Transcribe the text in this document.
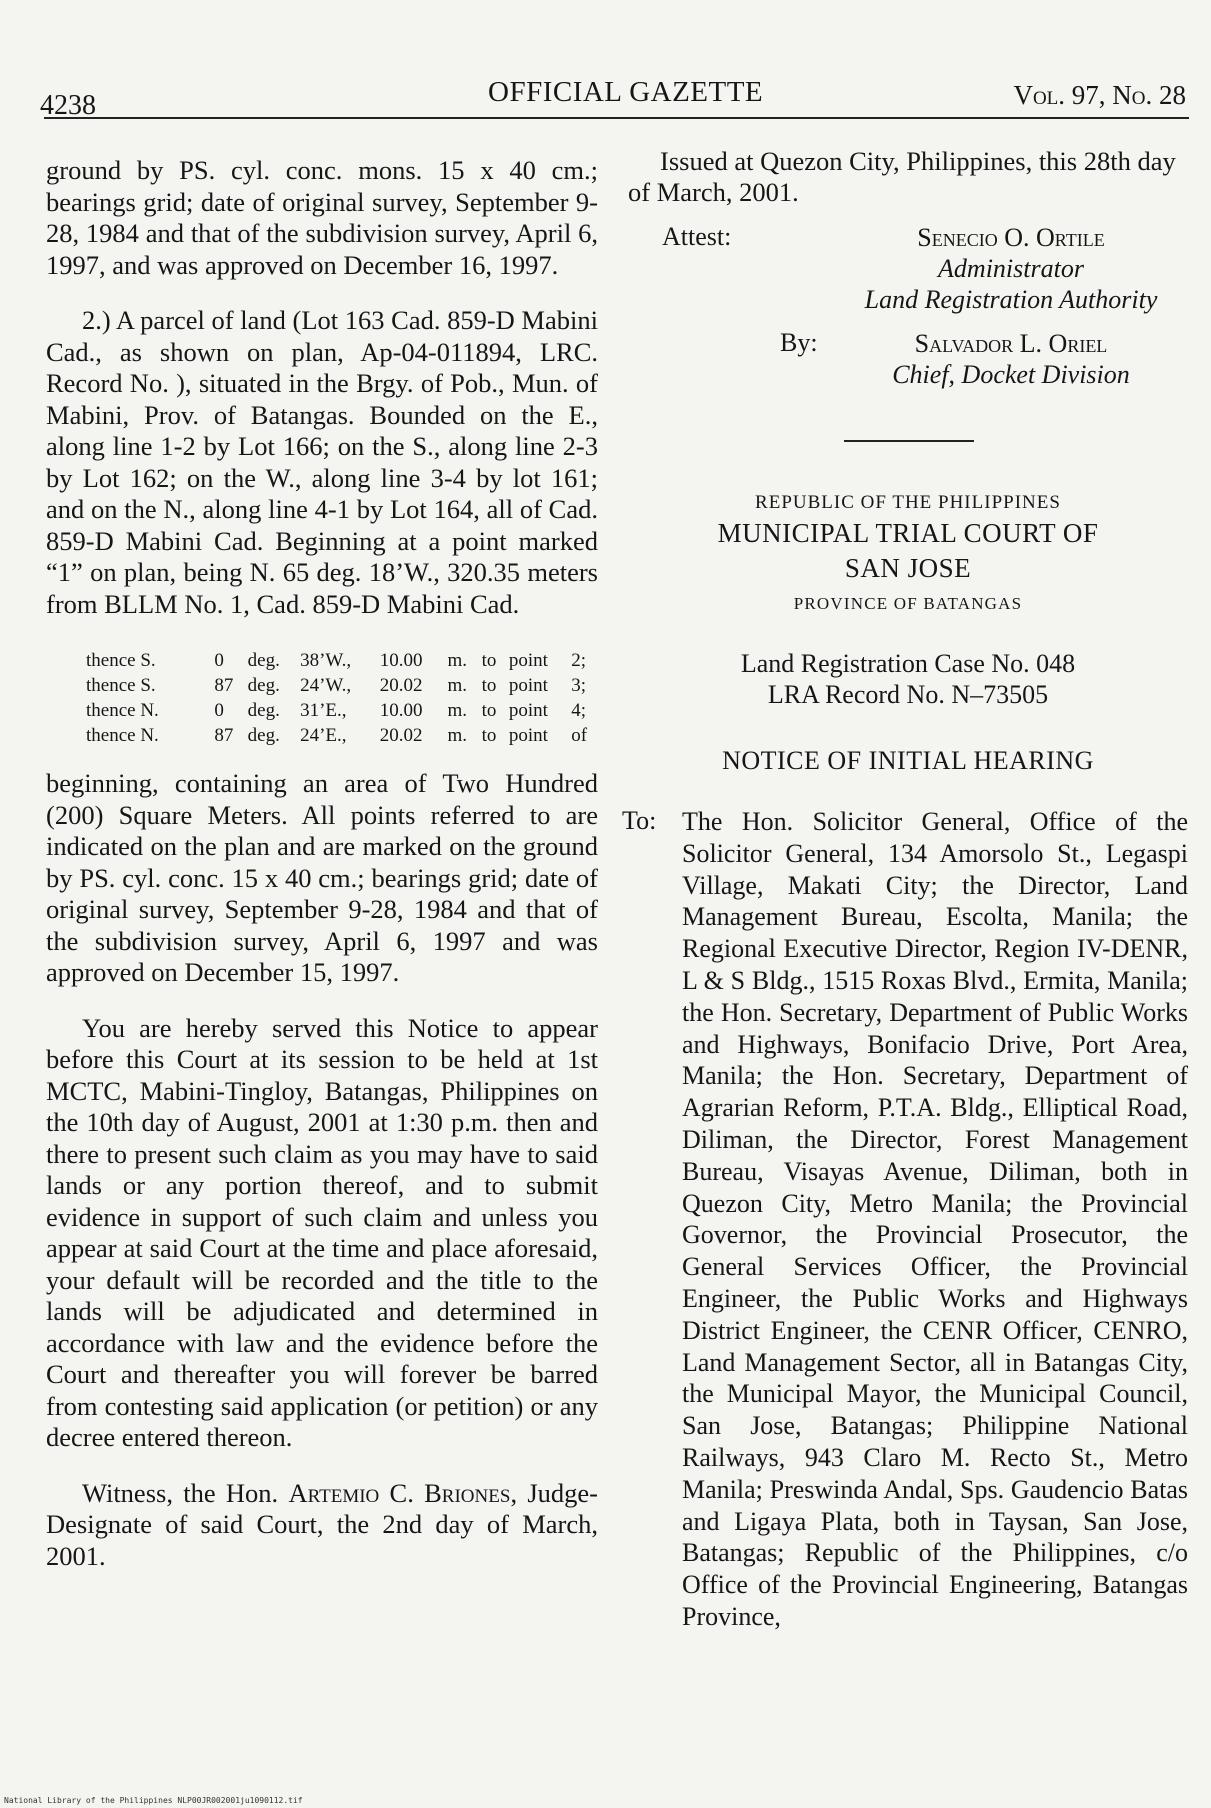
4238	OFFICIAL GAZETTE	Vol. 97, No. 28

ground by PS. cyl. conc. mons. 15 x 40 cm.; bearings grid; date of original survey, September 9-28, 1984 and that of the subdivision survey, April 6, 1997, and was approved on December 16, 1997.

2.) A parcel of land (Lot 163 Cad. 859-D Mabini Cad., as shown on plan, Ap-04-011894, LRC. Record No. ), situated in the Brgy. of Pob., Mun. of Mabini, Prov. of Batangas. Bounded on the E., along line 1-2 by Lot 166; on the S., along line 2-3 by Lot 162; on the W., along line 3-4 by lot 161; and on the N., along line 4-1 by Lot 164, all of Cad. 859-D Mabini Cad. Beginning at a point marked “1” on plan, being N. 65 deg. 18’W., 320.35 meters from BLLM No. 1, Cad. 859-D Mabini Cad.

thence S.	0	deg.	38’W.,	10.00	m.	to	point	2;
thence S.	87	deg.	24’W.,	20.02	m.	to	point	3;
thence N.	0	deg.	31’E.,	10.00	m.	to	point	4;
thence N.	87	deg.	24’E.,	20.02	m.	to	point	of

beginning, containing an area of Two Hundred (200) Square Meters. All points referred to are indicated on the plan and are marked on the ground by PS. cyl. conc. 15 x 40 cm.; bearings grid; date of original survey, September 9-28, 1984 and that of the subdivision survey, April 6, 1997 and was approved on December 15, 1997.

You are hereby served this Notice to appear before this Court at its session to be held at 1st MCTC, Mabini-Tingloy, Batangas, Philippines on the 10th day of August, 2001 at 1:30 p.m. then and there to present such claim as you may have to said lands or any portion thereof, and to submit evidence in support of such claim and unless you appear at said Court at the time and place aforesaid, your default will be recorded and the title to the lands will be adjudicated and determined in accordance with law and the evidence before the Court and thereafter you will forever be barred from contesting said application (or petition) or any decree entered thereon.

Witness, the Hon. Artemio C. Briones, Judge-Designate of said Court, the 2nd day of March, 2001.

Issued at Quezon City, Philippines, this 28th day of March, 2001.

Attest:	Senecio O. Ortile
Administrator
Land Registration Authority
By:	Salvador L. Oriel
Chief, Docket Division
REPUBLIC OF THE PHILIPPINES
MUNICIPAL TRIAL COURT OF
SAN JOSE
PROVINCE OF BATANGAS
Land Registration Case No. 048
LRA Record No. N–73505
NOTICE OF INITIAL HEARING
To: The Hon. Solicitor General, Office of the Solicitor General, 134 Amorsolo St., Legaspi Village, Makati City; the Director, Land Management Bureau, Escolta, Manila; the Regional Executive Director, Region IV-DENR, L & S Bldg., 1515 Roxas Blvd., Ermita, Manila; the Hon. Secretary, Department of Public Works and Highways, Bonifacio Drive, Port Area, Manila; the Hon. Secretary, Department of Agrarian Reform, P.T.A. Bldg., Elliptical Road, Diliman, the Director, Forest Management Bureau, Visayas Avenue, Diliman, both in Quezon City, Metro Manila; the Provincial Governor, the Provincial Prosecutor, the General Services Officer, the Provincial Engineer, the Public Works and Highways District Engineer, the CENR Officer, CENRO, Land Management Sector, all in Batangas City, the Municipal Mayor, the Municipal Council, San Jose, Batangas; Philippine National Railways, 943 Claro M. Recto St., Metro Manila; Preswinda Andal, Sps. Gaudencio Batas and Ligaya Plata, both in Taysan, San Jose, Batangas; Republic of the Philippines, c/o Office of the Provincial Engineering, Batangas Province,

National Library of the Philippines NLP00JR002001ju1090112.tif
